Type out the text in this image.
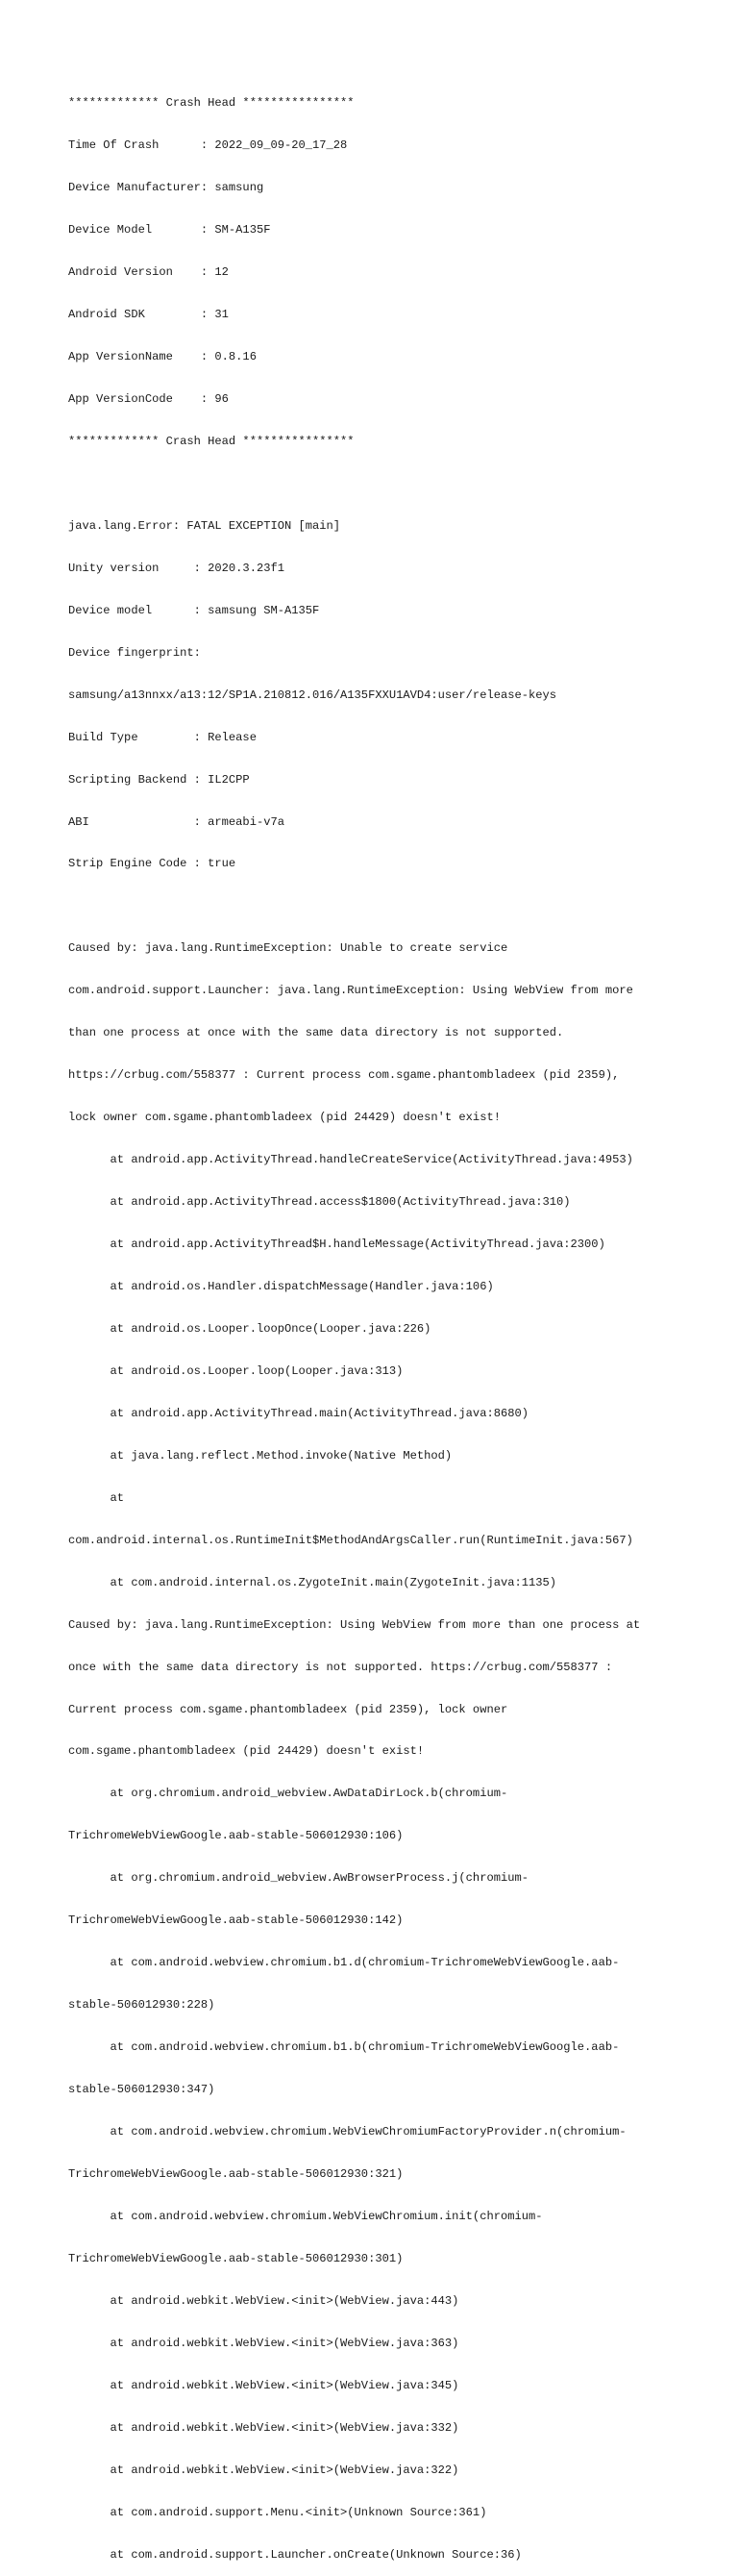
************* Crash Head ****************

Time Of Crash      : 2022_09_09-20_17_28

Device Manufacturer: samsung

Device Model       : SM-A135F

Android Version    : 12

Android SDK        : 31

App VersionName    : 0.8.16

App VersionCode    : 96

************* Crash Head ****************

java.lang.Error: FATAL EXCEPTION [main]

Unity version     : 2020.3.23f1

Device model      : samsung SM-A135F

Device fingerprint:

samsung/a13nnxx/a13:12/SP1A.210812.016/A135FXXU1AVD4:user/release-keys

Build Type        : Release

Scripting Backend : IL2CPP

ABI               : armeabi-v7a

Strip Engine Code : true

Caused by: java.lang.RuntimeException: Unable to create service

com.android.support.Launcher: java.lang.RuntimeException: Using WebView from more

than one process at once with the same data directory is not supported.

https://crbug.com/558377 : Current process com.sgame.phantombladeex (pid 2359),

lock owner com.sgame.phantombladeex (pid 24429) doesn't exist!

at android.app.ActivityThread.handleCreateService(ActivityThread.java:4953)

at android.app.ActivityThread.access$1800(ActivityThread.java:310)

at android.app.ActivityThread$H.handleMessage(ActivityThread.java:2300)

at android.os.Handler.dispatchMessage(Handler.java:106)

at android.os.Looper.loopOnce(Looper.java:226)

at android.os.Looper.loop(Looper.java:313)

at android.app.ActivityThread.main(ActivityThread.java:8680)

at java.lang.reflect.Method.invoke(Native Method)

at

com.android.internal.os.RuntimeInit$MethodAndArgsCaller.run(RuntimeInit.java:567)

at com.android.internal.os.ZygoteInit.main(ZygoteInit.java:1135)

Caused by: java.lang.RuntimeException: Using WebView from more than one process at

once with the same data directory is not supported. https://crbug.com/558377 :

Current process com.sgame.phantombladeex (pid 2359), lock owner

com.sgame.phantombladeex (pid 24429) doesn't exist!

at org.chromium.android_webview.AwDataDirLock.b(chromium-

TrichromeWebViewGoogle.aab-stable-506012930:106)

at org.chromium.android_webview.AwBrowserProcess.j(chromium-

TrichromeWebViewGoogle.aab-stable-506012930:142)

at com.android.webview.chromium.b1.d(chromium-TrichromeWebViewGoogle.aab-

stable-506012930:228)

at com.android.webview.chromium.b1.b(chromium-TrichromeWebViewGoogle.aab-

stable-506012930:347)

at com.android.webview.chromium.WebViewChromiumFactoryProvider.n(chromium-

TrichromeWebViewGoogle.aab-stable-506012930:321)

at com.android.webview.chromium.WebViewChromium.init(chromium-

TrichromeWebViewGoogle.aab-stable-506012930:301)

at android.webkit.WebView.<init>(WebView.java:443)

at android.webkit.WebView.<init>(WebView.java:363)

at android.webkit.WebView.<init>(WebView.java:345)

at android.webkit.WebView.<init>(WebView.java:332)

at android.webkit.WebView.<init>(WebView.java:322)

at com.android.support.Menu.<init>(Unknown Source:361)

at com.android.support.Launcher.onCreate(Unknown Source:36)
